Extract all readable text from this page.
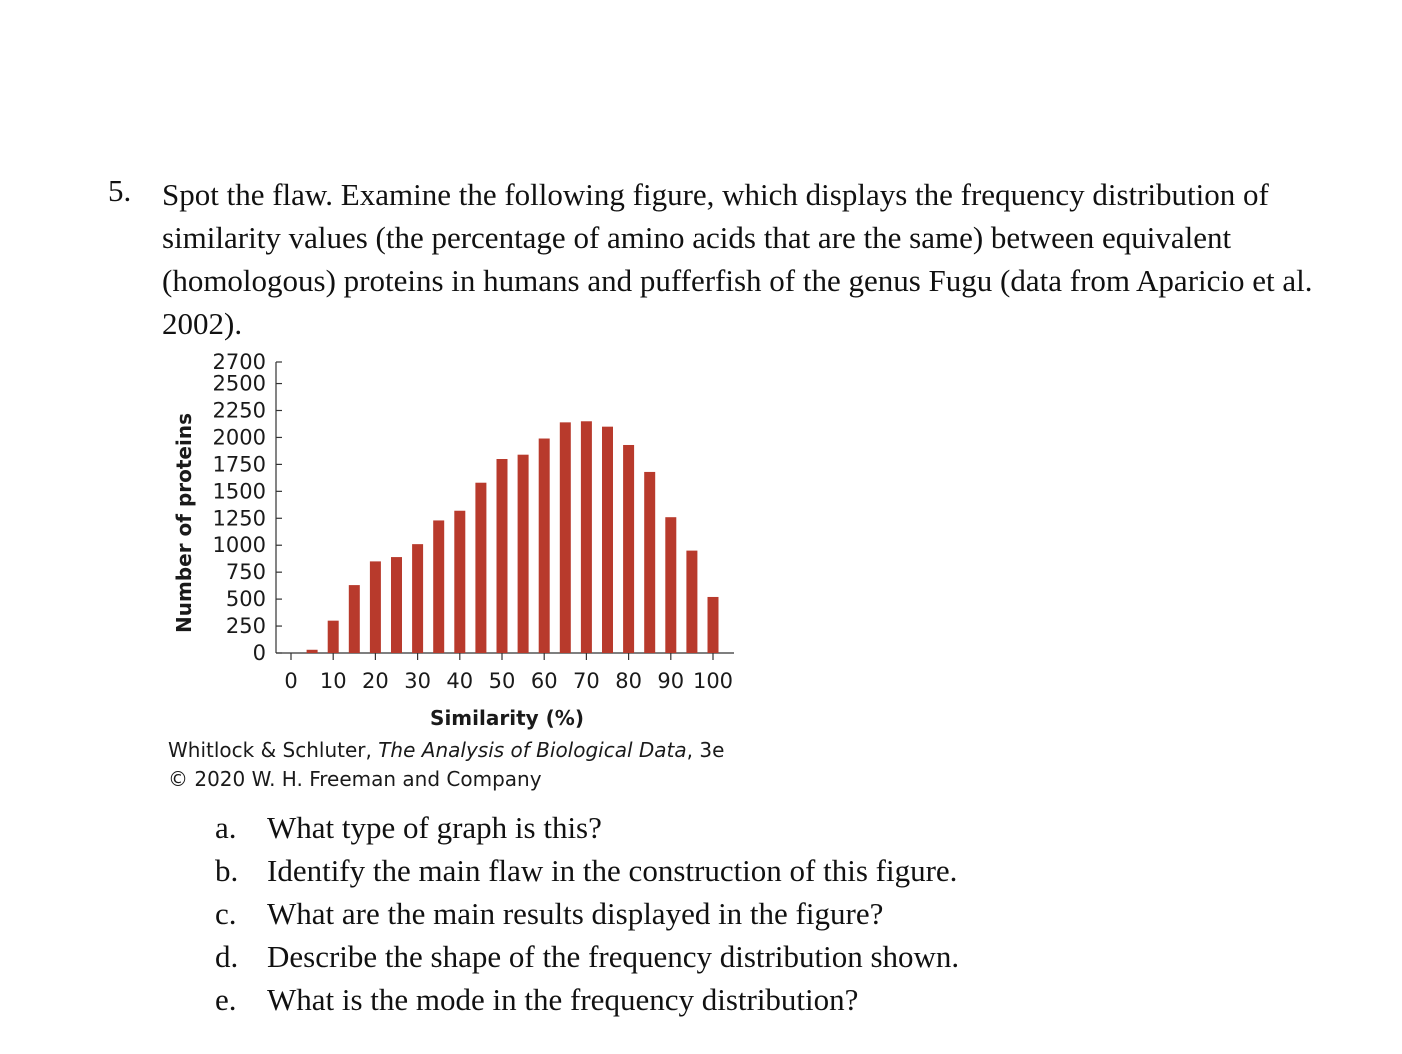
5. Spot the flaw. Examine the following figure, which displays the frequency distribution of
similarity values (the percentage of amino acids that are the same) between equivalent
(homologous) proteins in humans and pufferfish of the genus Fugu (data from Aparicio et al.
2002).
Number of proteins
0
250
500
750
1000
1250
1500
1750
2000
2250
2500
2700
0 10 20 30 40 50 60 70 80 90 100
Similarity (%)
Whitlock & Schluter, The Analysis of Biological Data, 3e
© 2020 W. H. Freeman and Company
a. What type of graph is this?
b. Identify the main flaw in the construction of this figure.
c. What are the main results displayed in the figure?
d. Describe the shape of the frequency distribution shown.
e. What is the mode in the frequency distribution?
